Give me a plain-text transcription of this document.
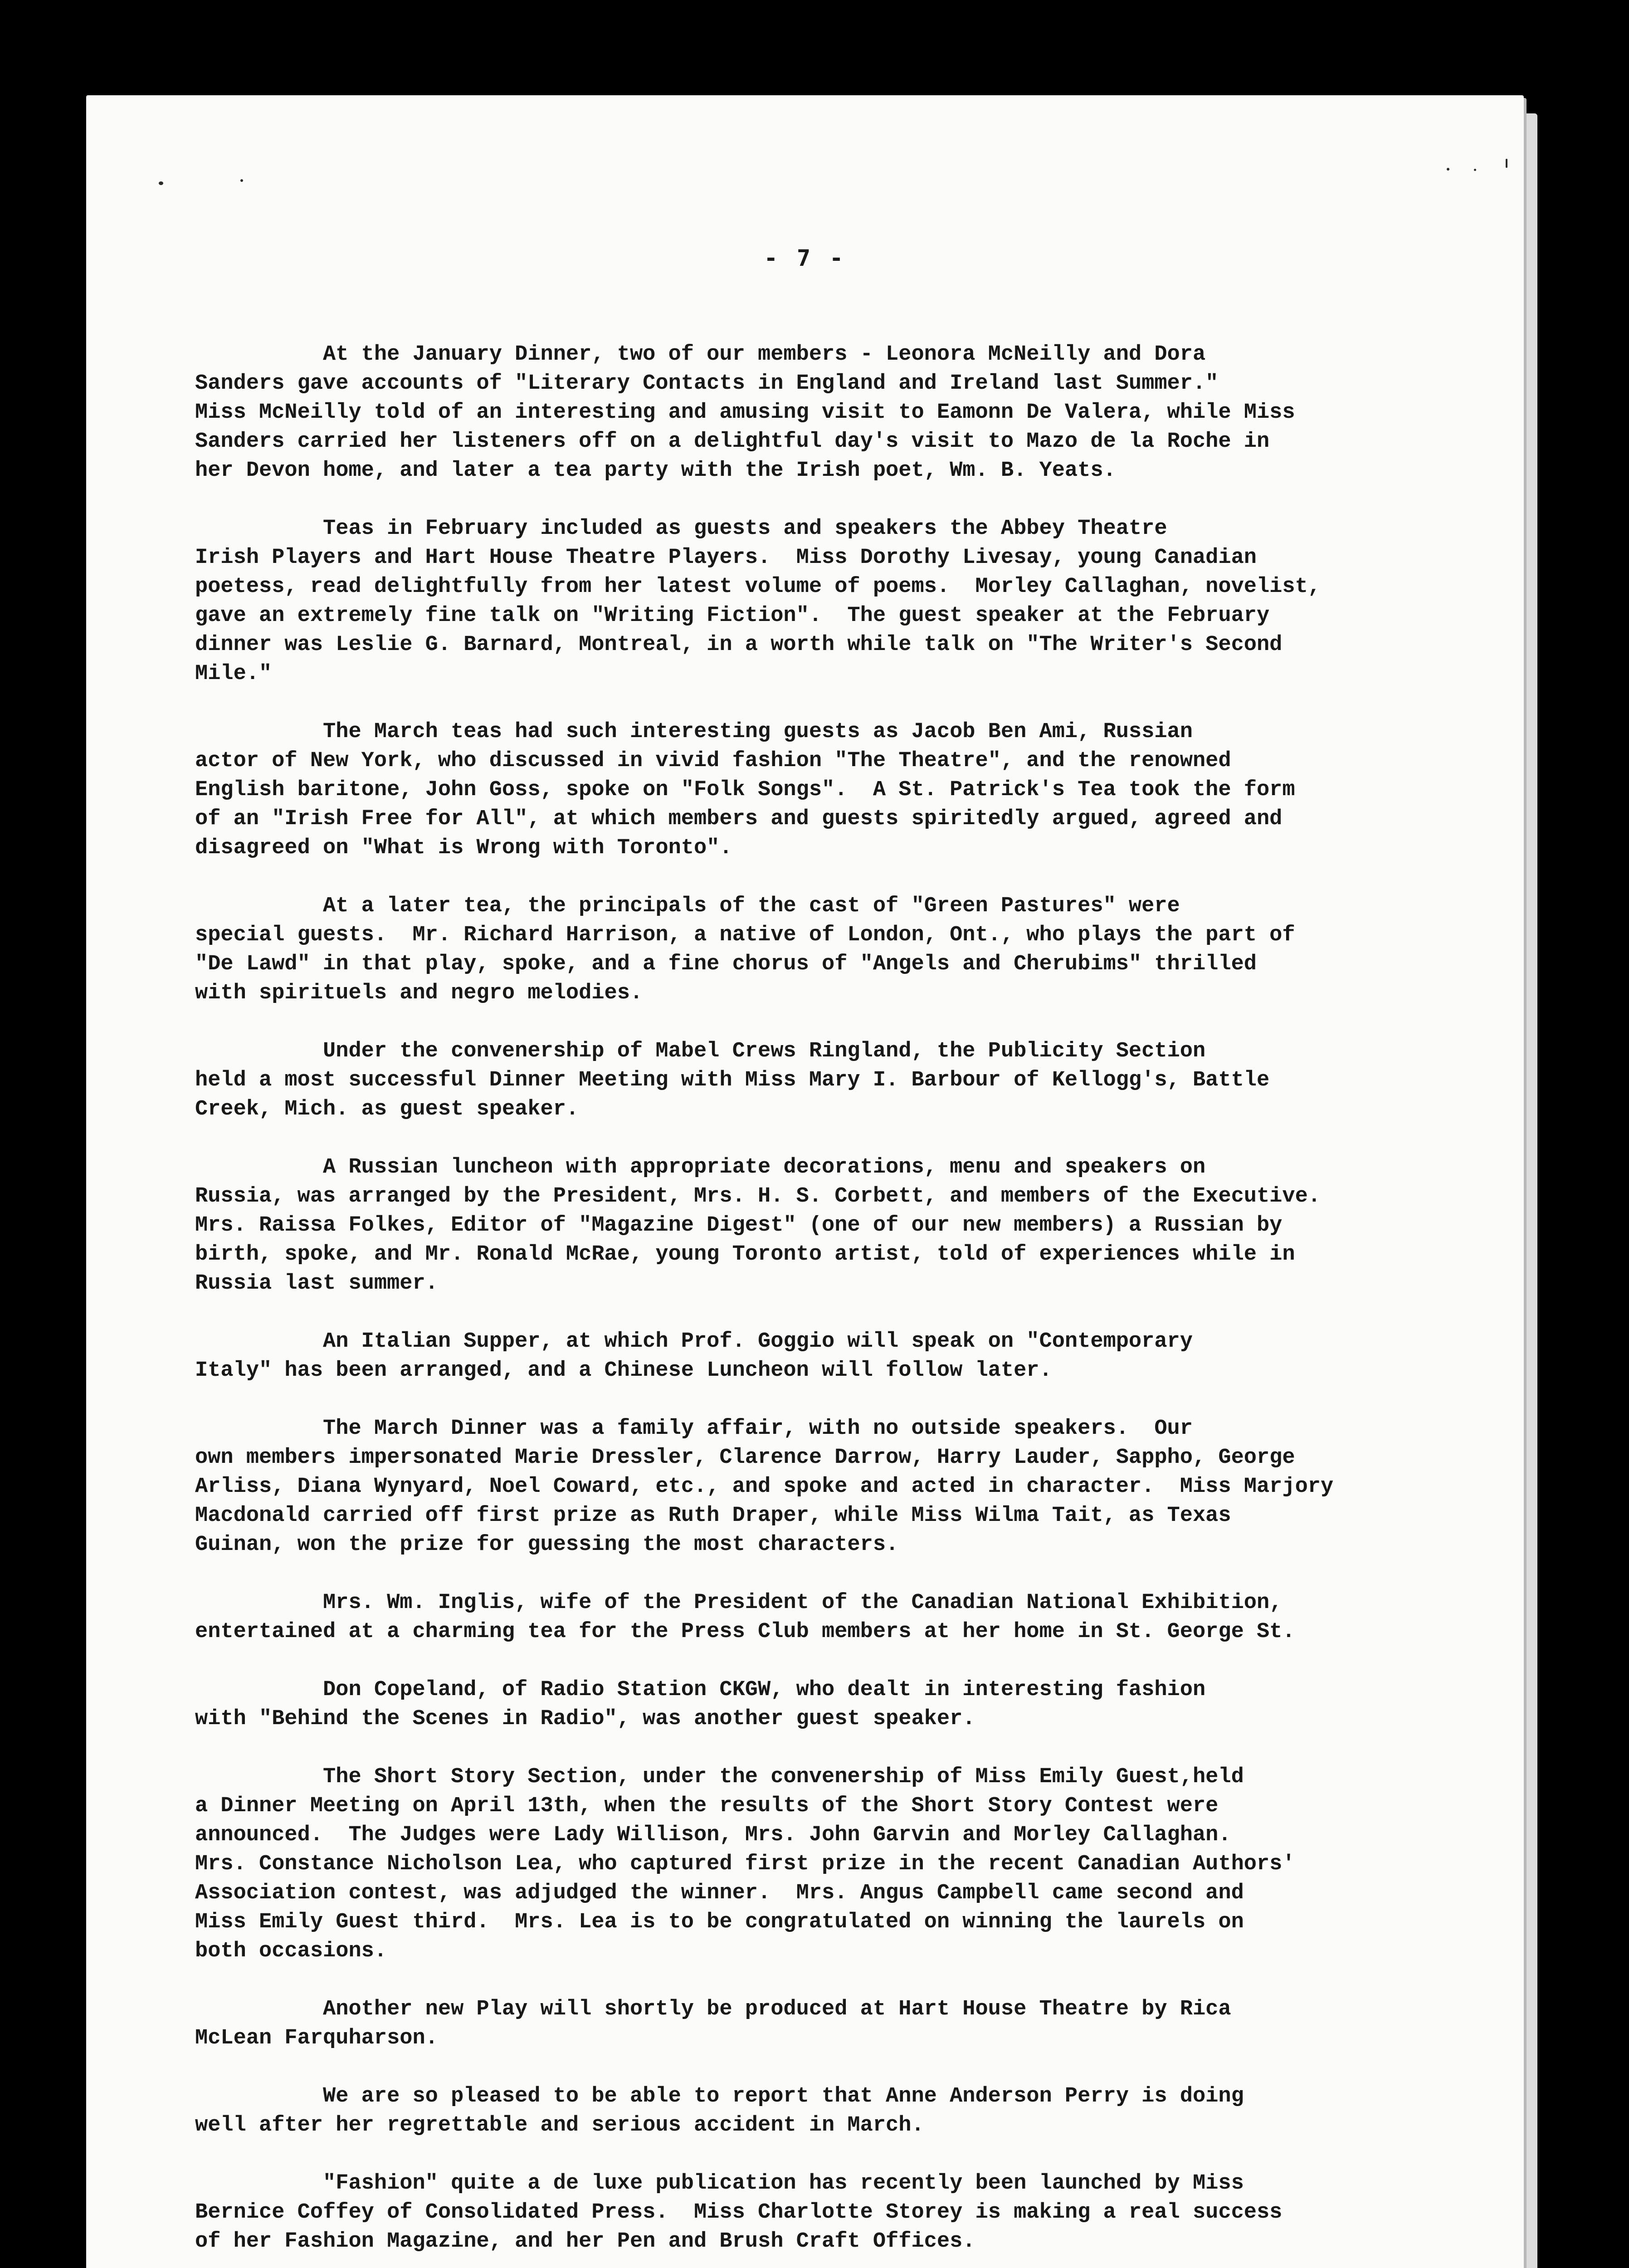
- 7 -
At the January Dinner, two of our members - Leonora McNeilly and Dora
Sanders gave accounts of "Literary Contacts in England and Ireland last Summer."
Miss McNeilly told of an interesting and amusing visit to Eamonn De Valera, while Miss
Sanders carried her listeners off on a delightful day's visit to Mazo de la Roche in
her Devon home, and later a tea party with the Irish poet, Wm. B. Yeats.
Teas in February included as guests and speakers the Abbey Theatre
Irish Players and Hart House Theatre Players.  Miss Dorothy Livesay, young Canadian
poetess, read delightfully from her latest volume of poems.  Morley Callaghan, novelist,
gave an extremely fine talk on "Writing Fiction".  The guest speaker at the February
dinner was Leslie G. Barnard, Montreal, in a worth while talk on "The Writer's Second
Mile."
The March teas had such interesting guests as Jacob Ben Ami, Russian
actor of New York, who discussed in vivid fashion "The Theatre", and the renowned
English baritone, John Goss, spoke on "Folk Songs".  A St. Patrick's Tea took the form
of an "Irish Free for All", at which members and guests spiritedly argued, agreed and
disagreed on "What is Wrong with Toronto".
At a later tea, the principals of the cast of "Green Pastures" were
special guests.  Mr. Richard Harrison, a native of London, Ont., who plays the part of
"De Lawd" in that play, spoke, and a fine chorus of "Angels and Cherubims" thrilled
with spirituels and negro melodies.
Under the convenership of Mabel Crews Ringland, the Publicity Section
held a most successful Dinner Meeting with Miss Mary I. Barbour of Kellogg's, Battle
Creek, Mich. as guest speaker.
A Russian luncheon with appropriate decorations, menu and speakers on
Russia, was arranged by the President, Mrs. H. S. Corbett, and members of the Executive.
Mrs. Raissa Folkes, Editor of "Magazine Digest" (one of our new members) a Russian by
birth, spoke, and Mr. Ronald McRae, young Toronto artist, told of experiences while in
Russia last summer.
An Italian Supper, at which Prof. Goggio will speak on "Contemporary
Italy" has been arranged, and a Chinese Luncheon will follow later.
The March Dinner was a family affair, with no outside speakers.  Our
own members impersonated Marie Dressler, Clarence Darrow, Harry Lauder, Sappho, George
Arliss, Diana Wynyard, Noel Coward, etc., and spoke and acted in character.  Miss Marjory
Macdonald carried off first prize as Ruth Draper, while Miss Wilma Tait, as Texas
Guinan, won the prize for guessing the most characters.
Mrs. Wm. Inglis, wife of the President of the Canadian National Exhibition,
entertained at a charming tea for the Press Club members at her home in St. George St.
Don Copeland, of Radio Station CKGW, who dealt in interesting fashion
with "Behind the Scenes in Radio", was another guest speaker.
The Short Story Section, under the convenership of Miss Emily Guest,held
a Dinner Meeting on April 13th, when the results of the Short Story Contest were
announced.  The Judges were Lady Willison, Mrs. John Garvin and Morley Callaghan.
Mrs. Constance Nicholson Lea, who captured first prize in the recent Canadian Authors'
Association contest, was adjudged the winner.  Mrs. Angus Campbell came second and
Miss Emily Guest third.  Mrs. Lea is to be congratulated on winning the laurels on
both occasions.
Another new Play will shortly be produced at Hart House Theatre by Rica
McLean Farquharson.
We are so pleased to be able to report that Anne Anderson Perry is doing
well after her regrettable and serious accident in March.
"Fashion" quite a de luxe publication has recently been launched by Miss
Bernice Coffey of Consolidated Press.  Miss Charlotte Storey is making a real success
of her Fashion Magazine, and her Pen and Brush Craft Offices.
